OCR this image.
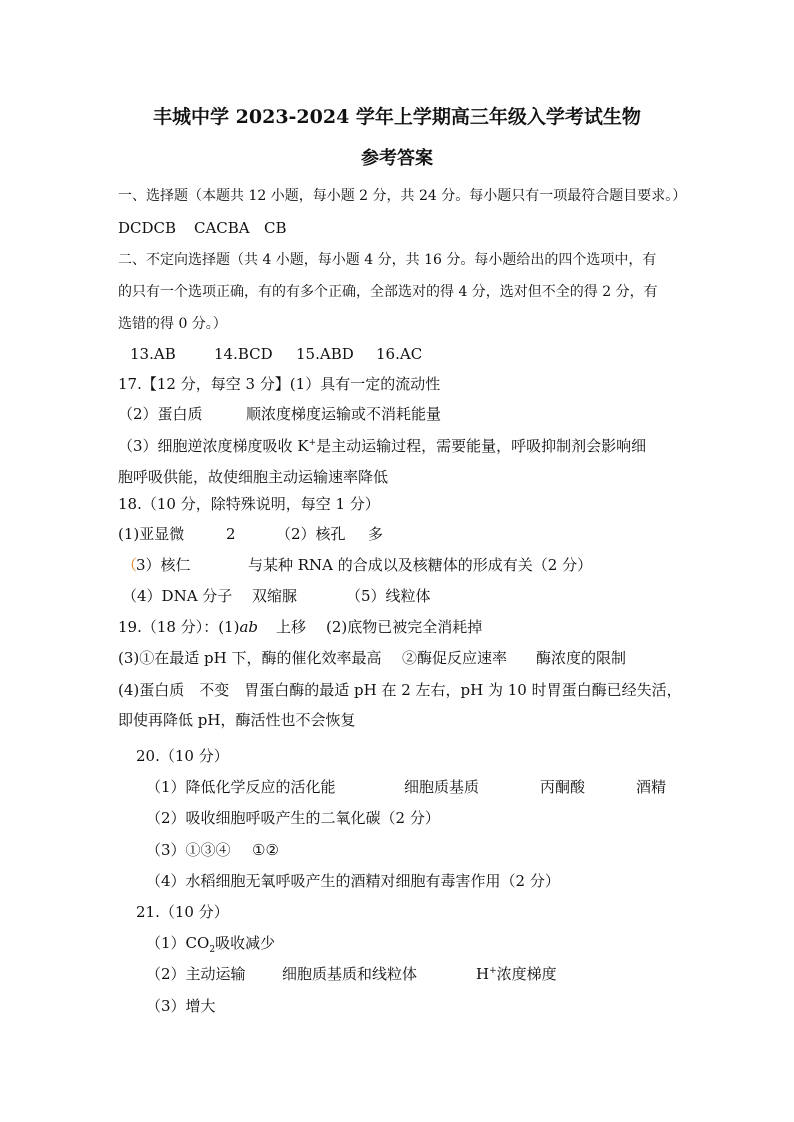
丰城中学 2023-2024 学年上学期高三年级入学考试生物
参考答案
一、选择题（本题共 12 小题，每小题 2 分，共 24 分。每小题只有一项最符合题目要求。）
DCDCB CACBA CB
二、不定向选择题（共 4 小题，每小题 4 分，共 16 分。每小题给出的四个选项中，有
的只有一个选项正确，有的有多个正确，全部选对的得 4 分，选对但不全的得 2 分，有
选错的得 0 分。）
13.AB	14.BCD 15.ABD 16.AC
17.【12 分，每空 3 分】(1）具有一定的流动性
（2）蛋白质	顺浓度梯度运输或不消耗能量
（3）细胞逆浓度梯度吸收 K+是主动运输过程，需要能量，呼吸抑制剂会影响细
胞呼吸供能，故使细胞主动运输速率降低
18.（10 分，除特殊说明，每空 1 分）
(1)亚显微	2	（2）核孔 多
（
3）核仁	与某种 RNA 的合成以及核糖体的形成有关（2 分）
（4）DNA 分子 双缩脲	（5）线粒体
19.（18 分）：(1)ab 上移 (2)底物已被完全消耗掉
(3)①在最适 pH 下，酶的催化效率最高 ②酶促反应速率 酶浓度的限制
(4)蛋白质　不变　胃蛋白酶的最适 pH 在 2 左右，pH 为 10 时胃蛋白酶已经失活，
即使再降低 pH，酶活性也不会恢复
20.（10 分）
（1）降低化学反应的活化能	细胞质基质	丙酮酸	酒精
（2）吸收细胞呼吸产生的二氧化碳（2 分）
（3）①③④ ①②
（4）水稻细胞无氧呼吸产生的酒精对细胞有毒害作用（2 分）
21.（10 分）
$(1)CO_2$吸收减少
（2）主动运输 细胞质基质和线粒体	H+浓度梯度
（3）增大
